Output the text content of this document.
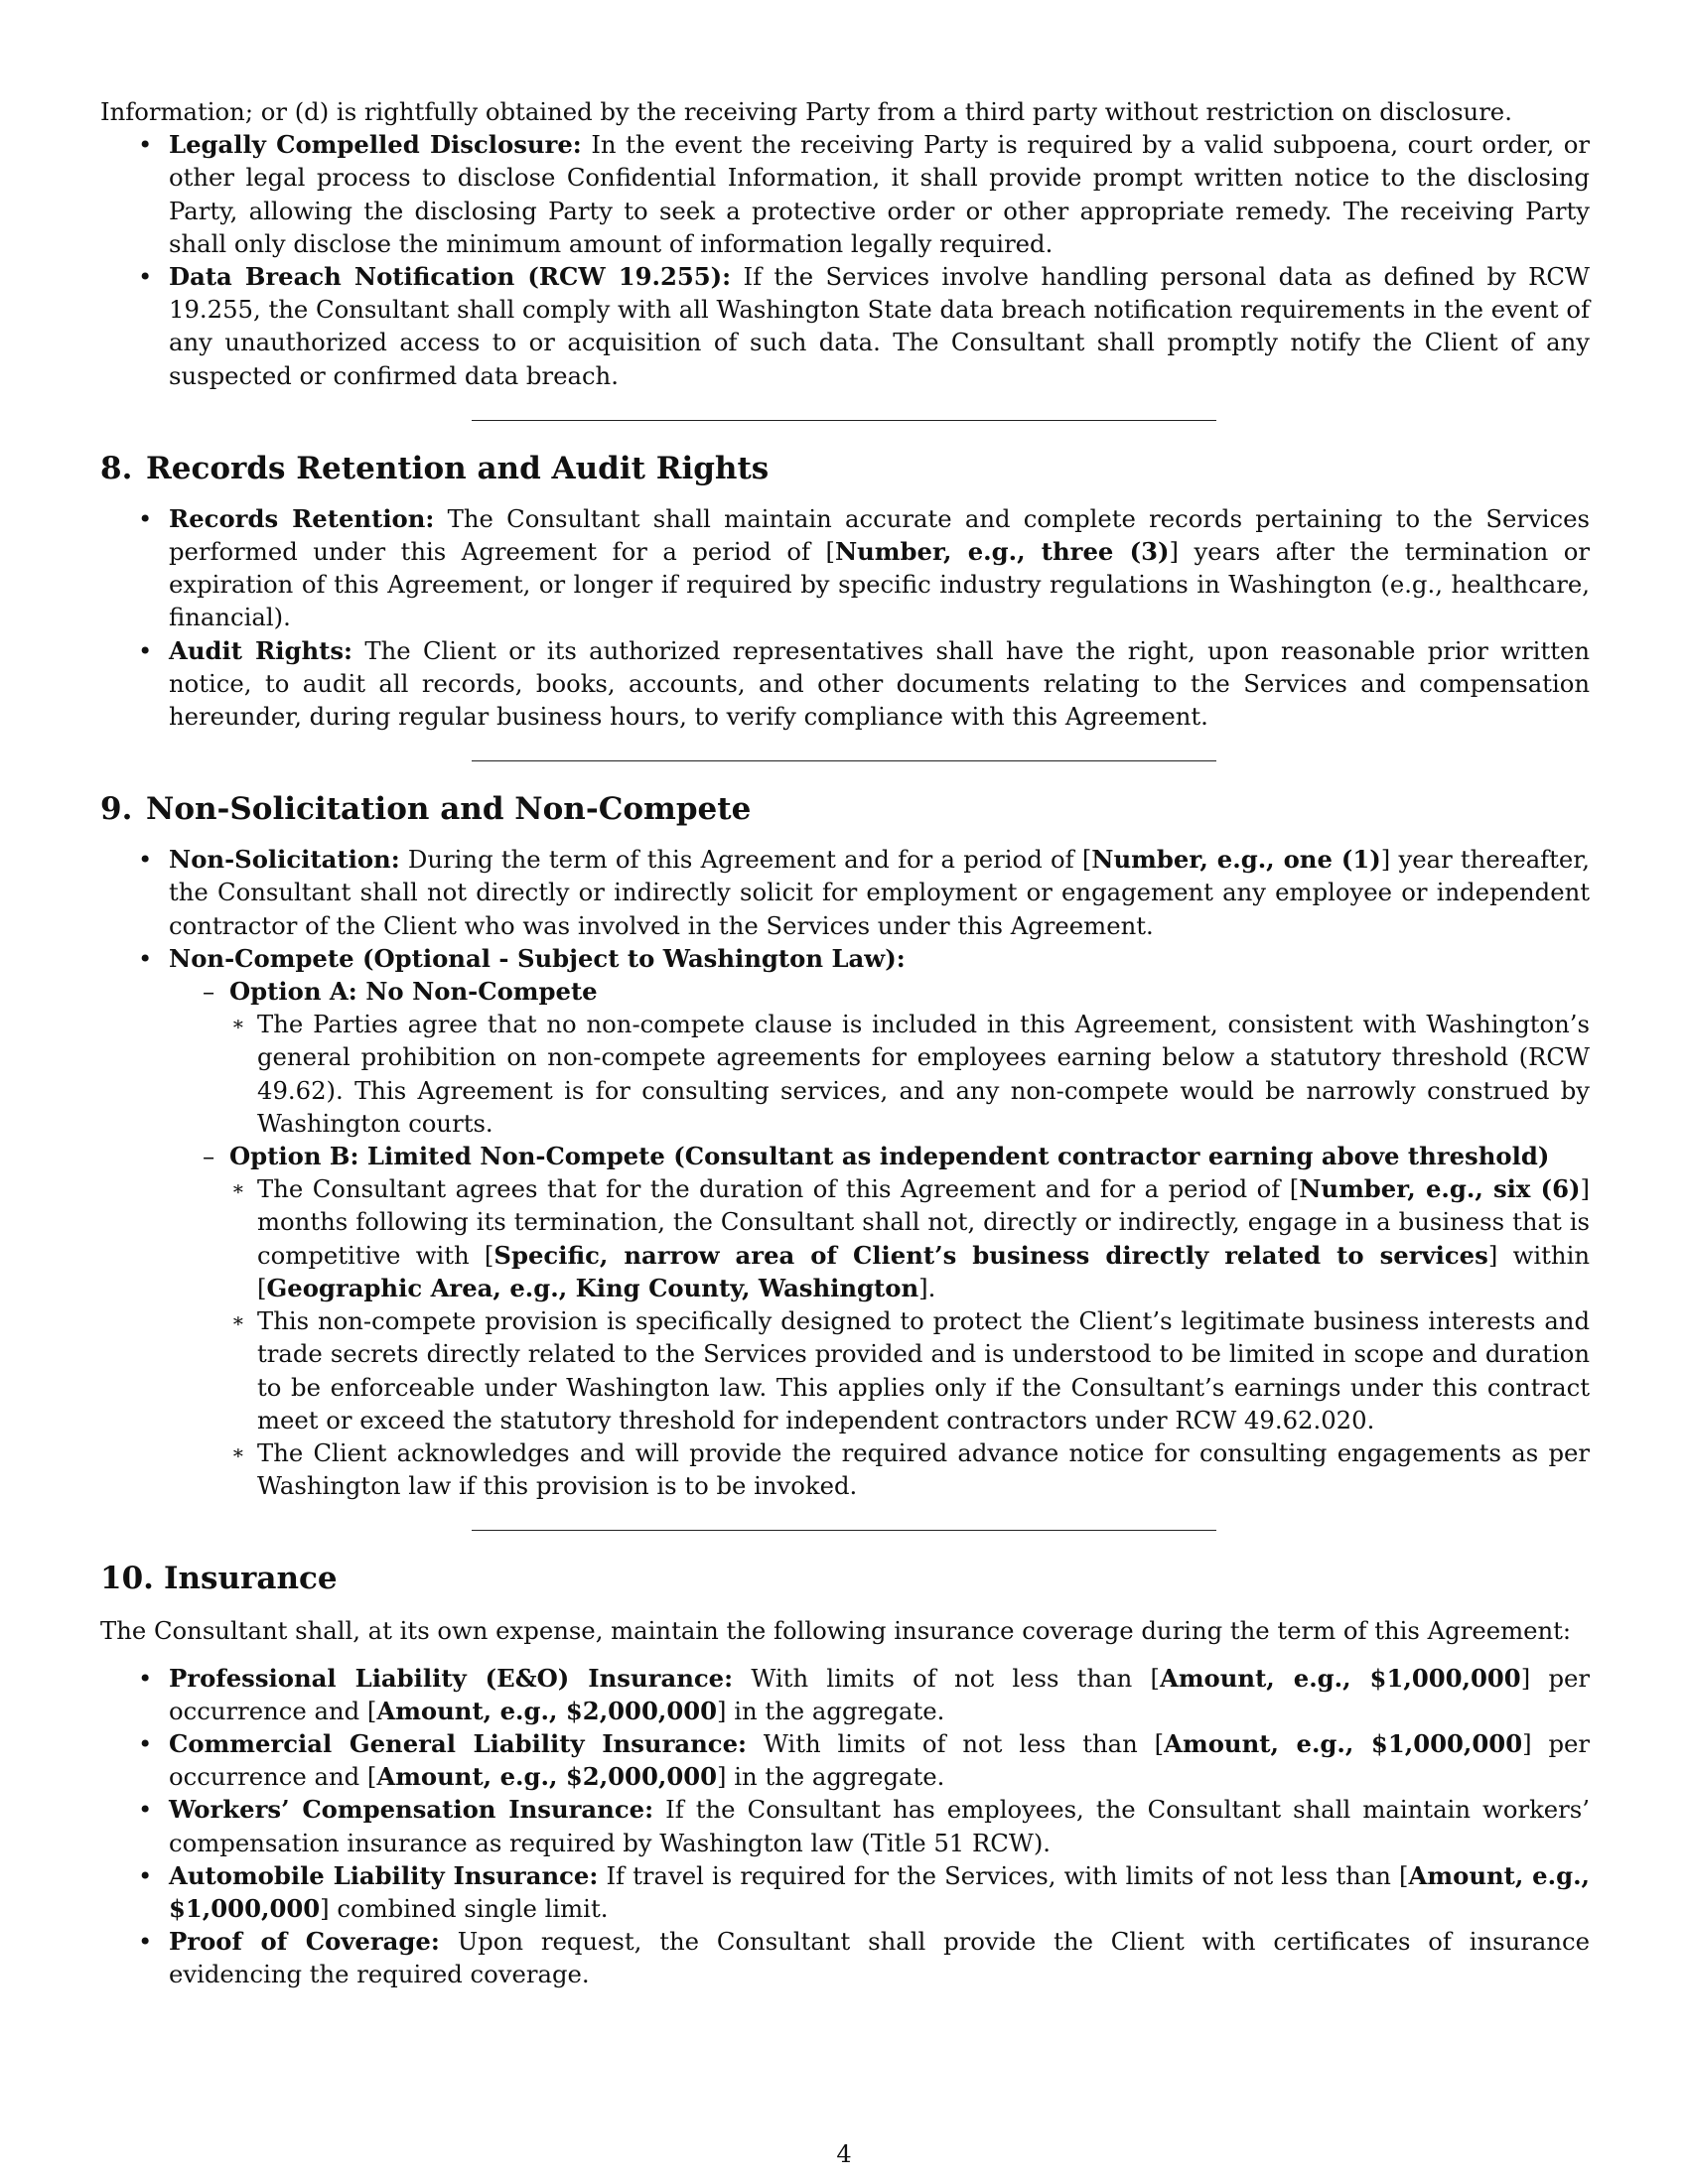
Information; or (d) is rightfully obtained by the receiving Party from a third party without restriction on disclosure.

• Legally Compelled Disclosure: In the event the receiving Party is required by a valid subpoena, court order, or other legal process to disclose Confidential Information, it shall provide prompt written notice to the disclosing Party, allowing the disclosing Party to seek a protective order or other appropriate remedy. The receiving Party shall only disclose the minimum amount of information legally required.
• Data Breach Notification (RCW 19.255): If the Services involve handling personal data as defined by RCW 19.255, the Consultant shall comply with all Washington State data breach notification requirements in the event of any unauthorized access to or acquisition of such data. The Consultant shall promptly notify the Client of any suspected or confirmed data breach.
8. Records Retention and Audit Rights
• Records Retention: The Consultant shall maintain accurate and complete records pertaining to the Services performed under this Agreement for a period of [Number, e.g., three (3)] years after the termination or expiration of this Agreement, or longer if required by specific industry regulations in Washington (e.g., healthcare, financial).
• Audit Rights: The Client or its authorized representatives shall have the right, upon reasonable prior written notice, to audit all records, books, accounts, and other documents relating to the Services and compensation hereunder, during regular business hours, to verify compliance with this Agreement.
9. Non-Solicitation and Non-Compete
• Non-Solicitation: During the term of this Agreement and for a period of [Number, e.g., one (1)] year thereafter, the Consultant shall not directly or indirectly solicit for employment or engagement any employee or independent contractor of the Client who was involved in the Services under this Agreement.
• Non-Compete (Optional - Subject to Washington Law):
– Option A: No Non-Compete
∗ The Parties agree that no non-compete clause is included in this Agreement, consistent with Washington’s general prohibition on non-compete agreements for employees earning below a statutory threshold (RCW 49.62). This Agreement is for consulting services, and any non-compete would be narrowly construed by Washington courts.
– Option B: Limited Non-Compete (Consultant as independent contractor earning above threshold)
∗ The Consultant agrees that for the duration of this Agreement and for a period of [Number, e.g., six (6)] months following its termination, the Consultant shall not, directly or indirectly, engage in a business that is competitive with [Specific, narrow area of Client’s business directly related to services] within [Geographic Area, e.g., King County, Washington].
∗ This non-compete provision is specifically designed to protect the Client’s legitimate business interests and trade secrets directly related to the Services provided and is understood to be limited in scope and duration to be enforceable under Washington law. This applies only if the Consultant’s earnings under this contract meet or exceed the statutory threshold for independent contractors under RCW 49.62.020.
∗ The Client acknowledges and will provide the required advance notice for consulting engagements as per Washington law if this provision is to be invoked.
10. Insurance

The Consultant shall, at its own expense, maintain the following insurance coverage during the term of this Agreement:

• Professional Liability (E&O) Insurance: With limits of not less than [Amount, e.g., $1,000,000] per occurrence and [Amount, e.g., $2,000,000] in the aggregate.
• Commercial General Liability Insurance: With limits of not less than [Amount, e.g., $1,000,000] per occurrence and [Amount, e.g., $2,000,000] in the aggregate.
• Workers’ Compensation Insurance: If the Consultant has employees, the Consultant shall maintain workers’ compensation insurance as required by Washington law (Title 51 RCW).
• Automobile Liability Insurance: If travel is required for the Services, with limits of not less than [Amount, e.g., $1,000,000] combined single limit.
• Proof of Coverage: Upon request, the Consultant shall provide the Client with certificates of insurance evidencing the required coverage.
4
